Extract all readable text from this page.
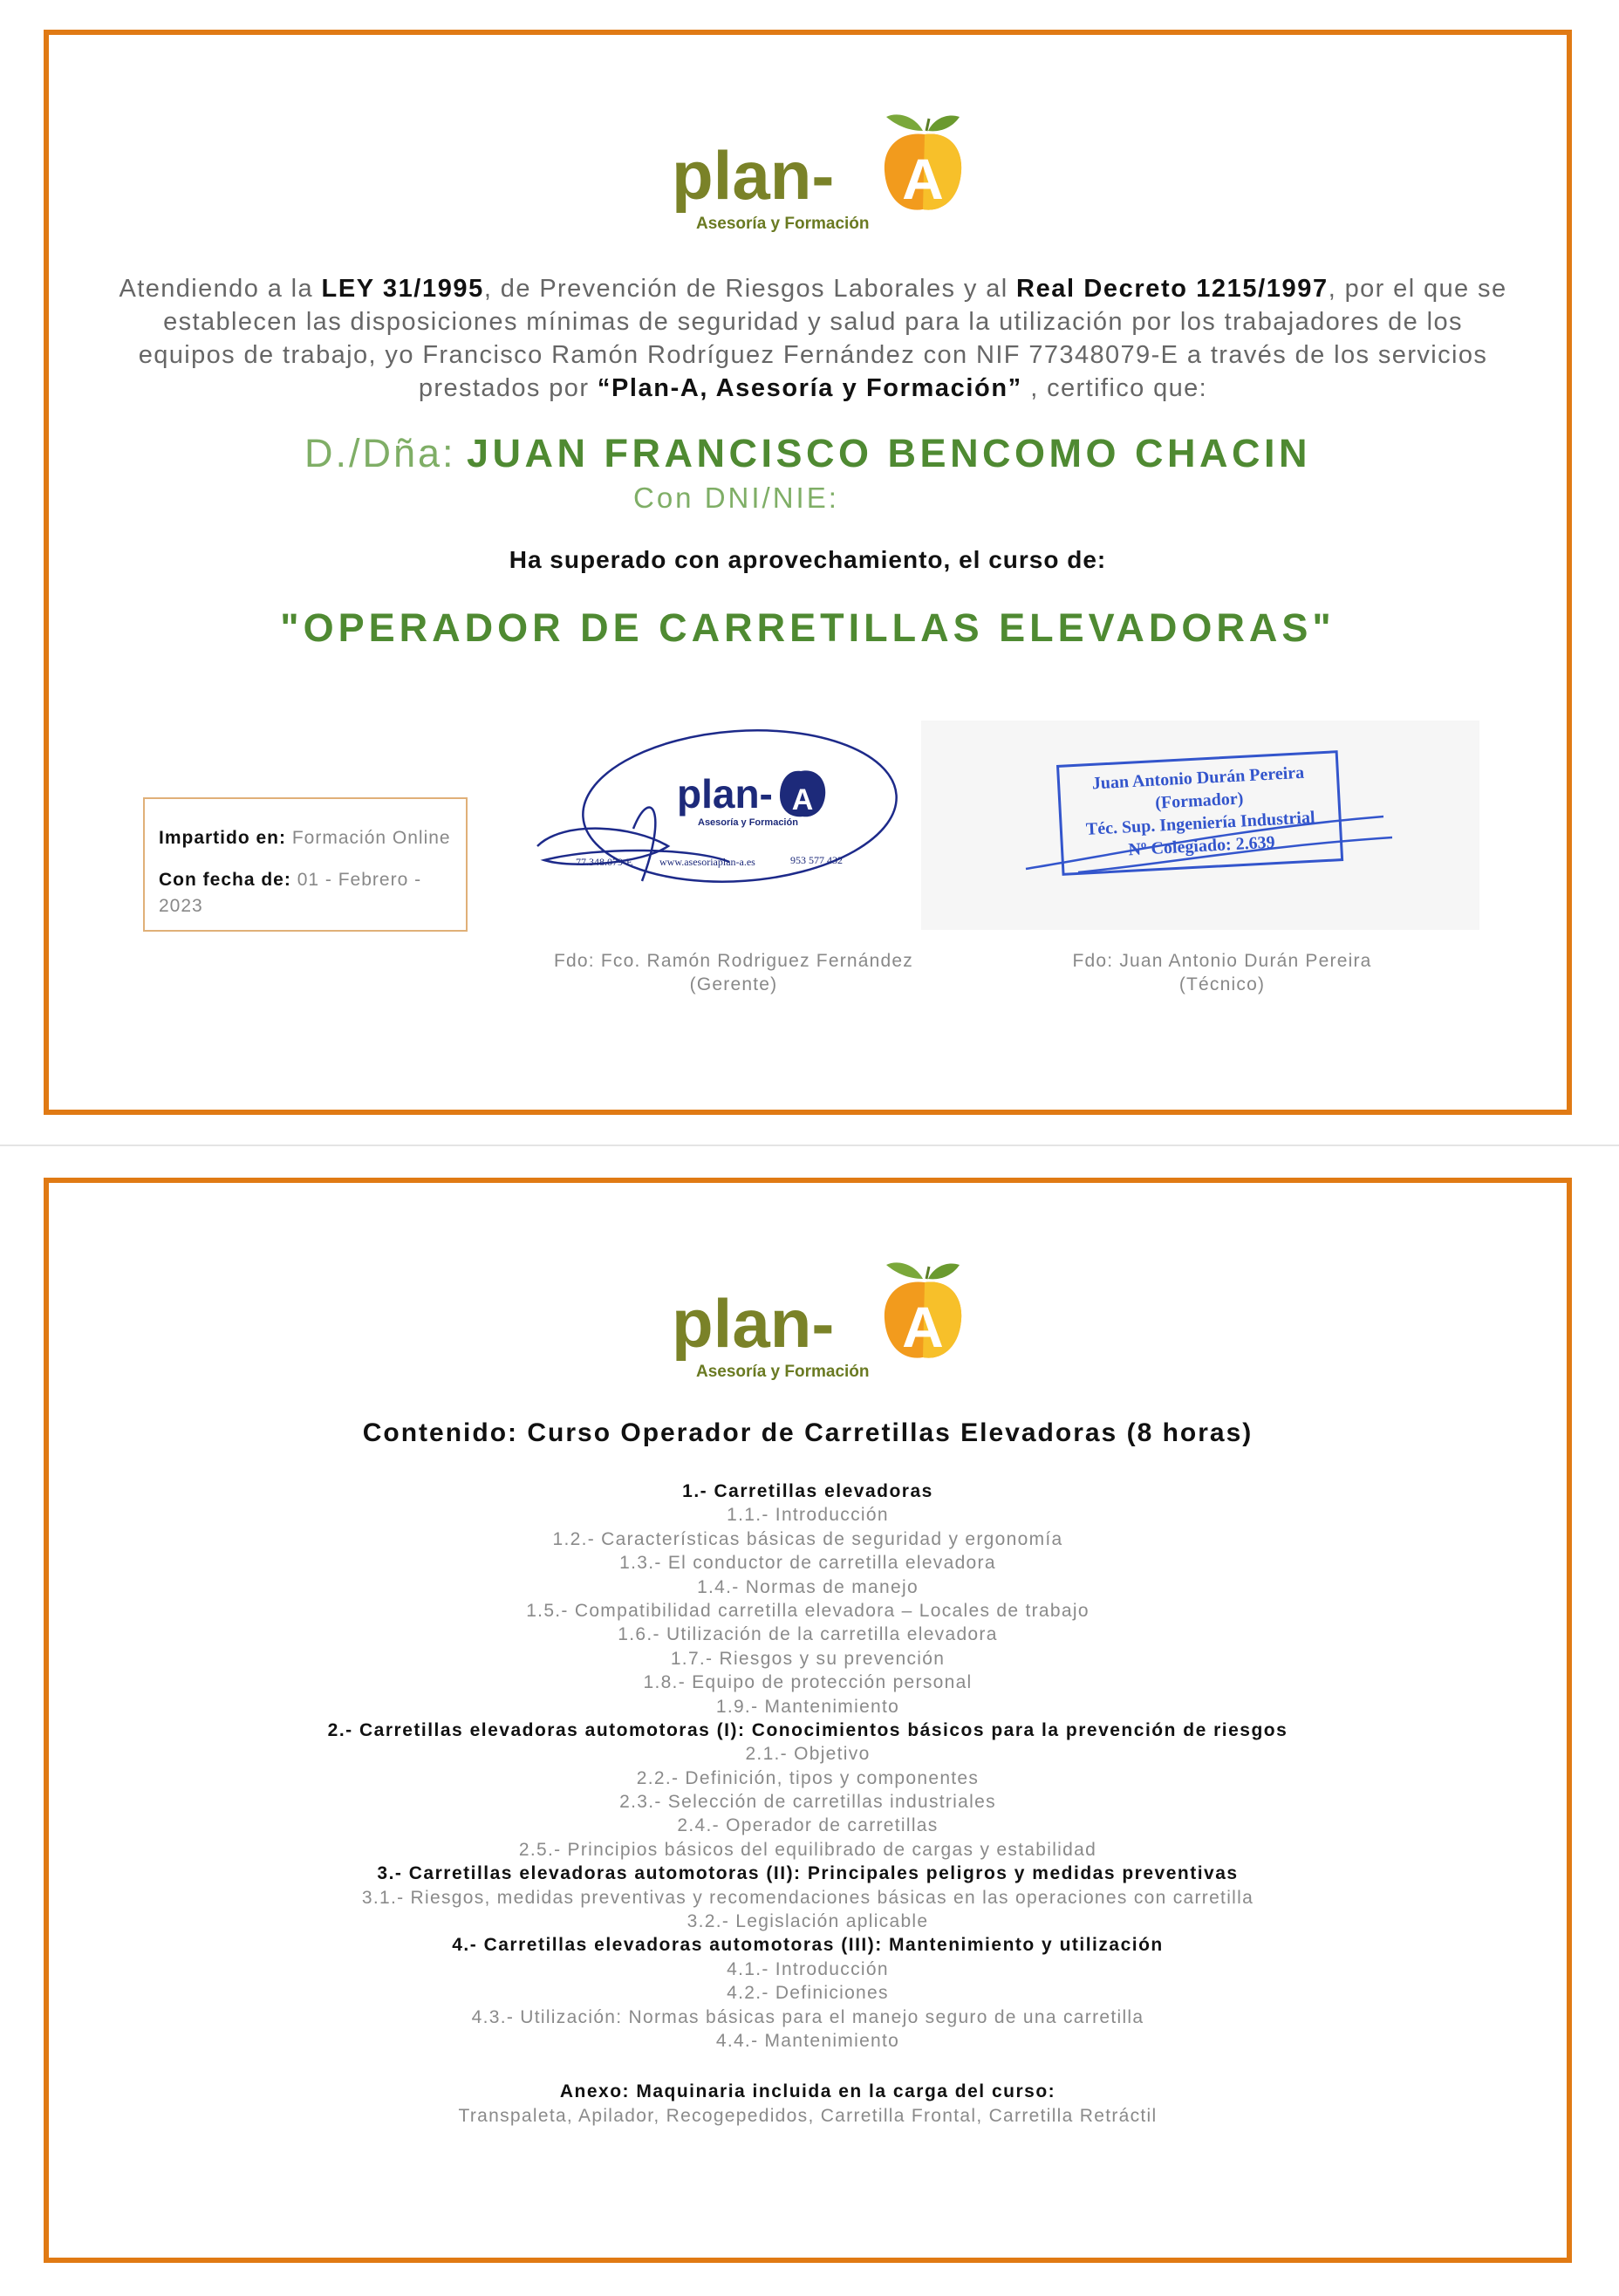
A
plan-
Asesoría y Formación
Atendiendo a la LEY 31/1995, de Prevención de Riesgos Laborales y al Real Decreto 1215/1997, por el que se establecen las disposiciones mínimas de seguridad y salud para la utilización por los trabajadores de los equipos de trabajo, yo Francisco Ramón Rodríguez Fernández con NIF 77348079-E a través de los servicios prestados por “Plan-A, Asesoría y Formación” , certifico que:
D./Dña: JUAN FRANCISCO BENCOMO CHACIN
Con DNI/NIE:
Ha superado con aprovechamiento, el curso de:
"OPERADOR DE CARRETILLAS ELEVADORAS"
Impartido en: Formación Online
Con fecha de: 01 - Febrero - 2023
plan- A
Asesoría y Formación
77.348.079-E	www.asesoriaplan-a.es	953 577 432
Juan Antonio Durán Pereira
(Formador)
Téc. Sup. Ingeniería Industrial
Nº Colegiado: 2.639
Fdo: Fco. Ramón Rodriguez Fernández
(Gerente)
Fdo: Juan Antonio Durán Pereira
(Técnico)
A
plan-
Asesoría y Formación
Contenido: Curso Operador de Carretillas Elevadoras (8 horas)
1.- Carretillas elevadoras
1.1.- Introducción
1.2.- Características básicas de seguridad y ergonomía
1.3.- El conductor de carretilla elevadora
1.4.- Normas de manejo
1.5.- Compatibilidad carretilla elevadora – Locales de trabajo
1.6.- Utilización de la carretilla elevadora
1.7.- Riesgos y su prevención
1.8.- Equipo de protección personal
1.9.- Mantenimiento
2.- Carretillas elevadoras automotoras (I): Conocimientos básicos para la prevención de riesgos
2.1.- Objetivo
2.2.- Definición, tipos y componentes
2.3.- Selección de carretillas industriales
2.4.- Operador de carretillas
2.5.- Principios básicos del equilibrado de cargas y estabilidad
3.- Carretillas elevadoras automotoras (II): Principales peligros y medidas preventivas
3.1.- Riesgos, medidas preventivas y recomendaciones básicas en las operaciones con carretilla
3.2.- Legislación aplicable
4.- Carretillas elevadoras automotoras (III): Mantenimiento y utilización
4.1.- Introducción
4.2.- Definiciones
4.3.- Utilización: Normas básicas para el manejo seguro de una carretilla
4.4.- Mantenimiento
Anexo: Maquinaria incluida en la carga del curso:
Transpaleta, Apilador, Recogepedidos, Carretilla Frontal, Carretilla Retráctil
